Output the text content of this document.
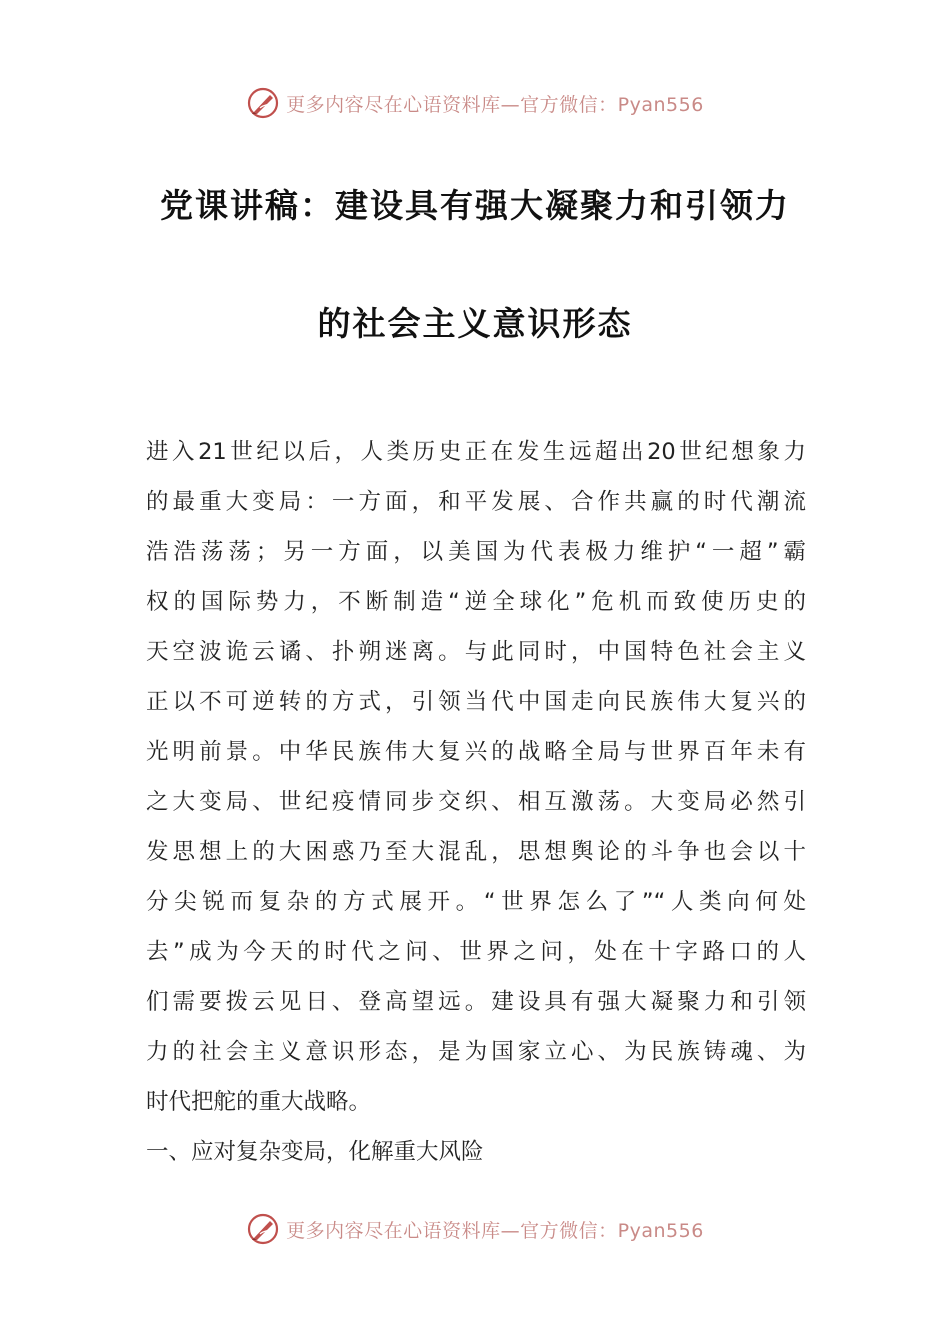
更多内容尽在心语资料库—官方微信：Pyan556
党课讲稿：建设具有强大凝聚力和引领力
的社会主义意识形态
进入21世纪以后，人类历史正在发生远超出20世纪想象力
的最重大变局：一方面，和平发展、合作共赢的时代潮流
浩浩荡荡；另一方面，以美国为代表极力维护“一超”霸
权的国际势力，不断制造“逆全球化”危机而致使历史的
天空波诡云谲、扑朔迷离。与此同时，中国特色社会主义
正以不可逆转的方式，引领当代中国走向民族伟大复兴的
光明前景。中华民族伟大复兴的战略全局与世界百年未有
之大变局、世纪疫情同步交织、相互激荡。大变局必然引
发思想上的大困惑乃至大混乱，思想舆论的斗争也会以十
分尖锐而复杂的方式展开。“世界怎么了”“人类向何处
去”成为今天的时代之问、世界之问，处在十字路口的人
们需要拨云见日、登高望远。建设具有强大凝聚力和引领
力的社会主义意识形态，是为国家立心、为民族铸魂、为
时代把舵的重大战略。
一、应对复杂变局，化解重大风险
更多内容尽在心语资料库—官方微信：Pyan556
